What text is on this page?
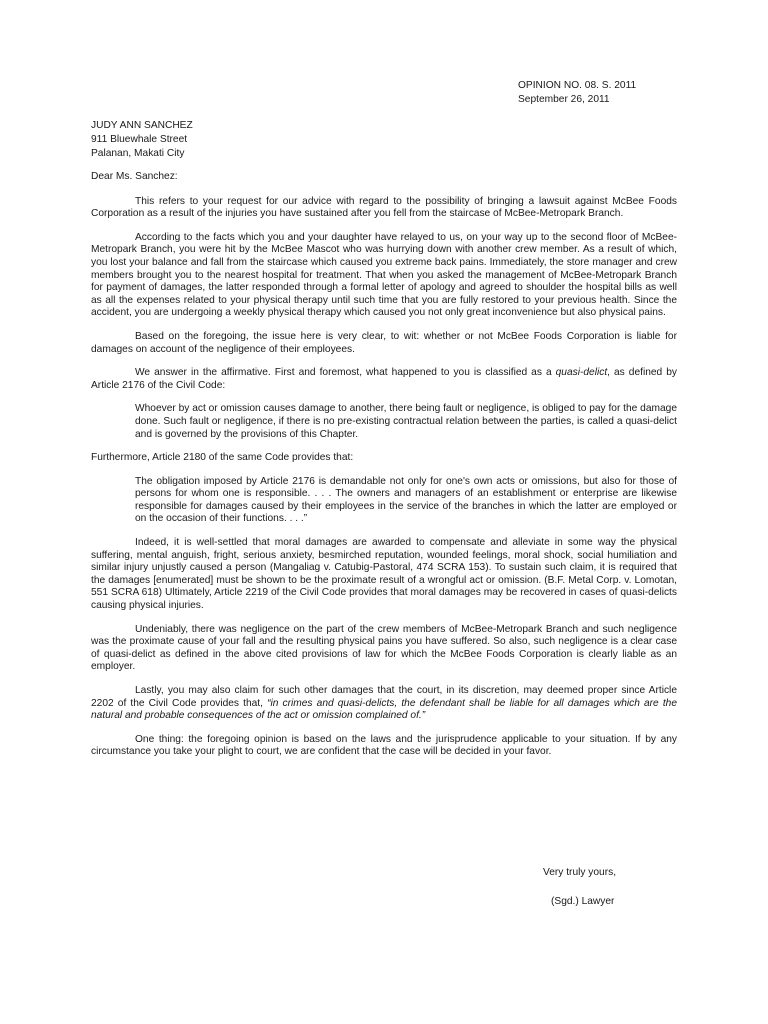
OPINION NO. 08. S. 2011
September 26, 2011
JUDY ANN SANCHEZ
911 Bluewhale Street
Palanan, Makati City

Dear Ms. Sanchez:

This refers to your request for our advice with regard to the possibility of bringing a lawsuit against McBee Foods Corporation as a result of the injuries you have sustained after you fell from the staircase of McBee-Metropark Branch.

According to the facts which you and your daughter have relayed to us, on your way up to the second floor of McBee-Metropark Branch, you were hit by the McBee Mascot who was hurrying down with another crew member. As a result of which, you lost your balance and fall from the staircase which caused you extreme back pains. Immediately, the store manager and crew members brought you to the nearest hospital for treatment. That when you asked the management of McBee-Metropark Branch for payment of damages, the latter responded through a formal letter of apology and agreed to shoulder the hospital bills as well as all the expenses related to your physical therapy until such time that you are fully restored to your previous health. Since the accident, you are undergoing a weekly physical therapy which caused you not only great inconvenience but also physical pains.

Based on the foregoing, the issue here is very clear, to wit: whether or not McBee Foods Corporation is liable for damages on account of the negligence of their employees.

We answer in the affirmative. First and foremost, what happened to you is classified as a quasi-delict, as defined by Article 2176 of the Civil Code:

Whoever by act or omission causes damage to another, there being fault or negligence, is obliged to pay for the damage done. Such fault or negligence, if there is no pre-existing contractual relation between the parties, is called a quasi-delict and is governed by the provisions of this Chapter.

Furthermore, Article 2180 of the same Code provides that:

The obligation imposed by Article 2176 is demandable not only for one's own acts or omissions, but also for those of persons for whom one is responsible. . . . The owners and managers of an establishment or enterprise are likewise responsible for damages caused by their employees in the service of the branches in which the latter are employed or on the occasion of their functions. . . .”

Indeed, it is well-settled that moral damages are awarded to compensate and alleviate in some way the physical suffering, mental anguish, fright, serious anxiety, besmirched reputation, wounded feelings, moral shock, social humiliation and similar injury unjustly caused a person (Mangaliag v. Catubig-Pastoral, 474 SCRA 153). To sustain such claim, it is required that the damages [enumerated] must be shown to be the proximate result of a wrongful act or omission. (B.F. Metal Corp. v. Lomotan, 551 SCRA 618) Ultimately, Article 2219 of the Civil Code provides that moral damages may be recovered in cases of quasi-delicts causing physical injuries.

Undeniably, there was negligence on the part of the crew members of McBee-Metropark Branch and such negligence was the proximate cause of your fall and the resulting physical pains you have suffered. So also, such negligence is a clear case of quasi-delict as defined in the above cited provisions of law for which the McBee Foods Corporation is clearly liable as an employer.

Lastly, you may also claim for such other damages that the court, in its discretion, may deemed proper since Article 2202 of the Civil Code provides that, “in crimes and quasi-delicts, the defendant shall be liable for all damages which are the natural and probable consequences of the act or omission complained of.”

One thing: the foregoing opinion is based on the laws and the jurisprudence applicable to your situation. If by any circumstance you take your plight to court, we are confident that the case will be decided in your favor.

Very truly yours,
(Sgd.) Lawyer
